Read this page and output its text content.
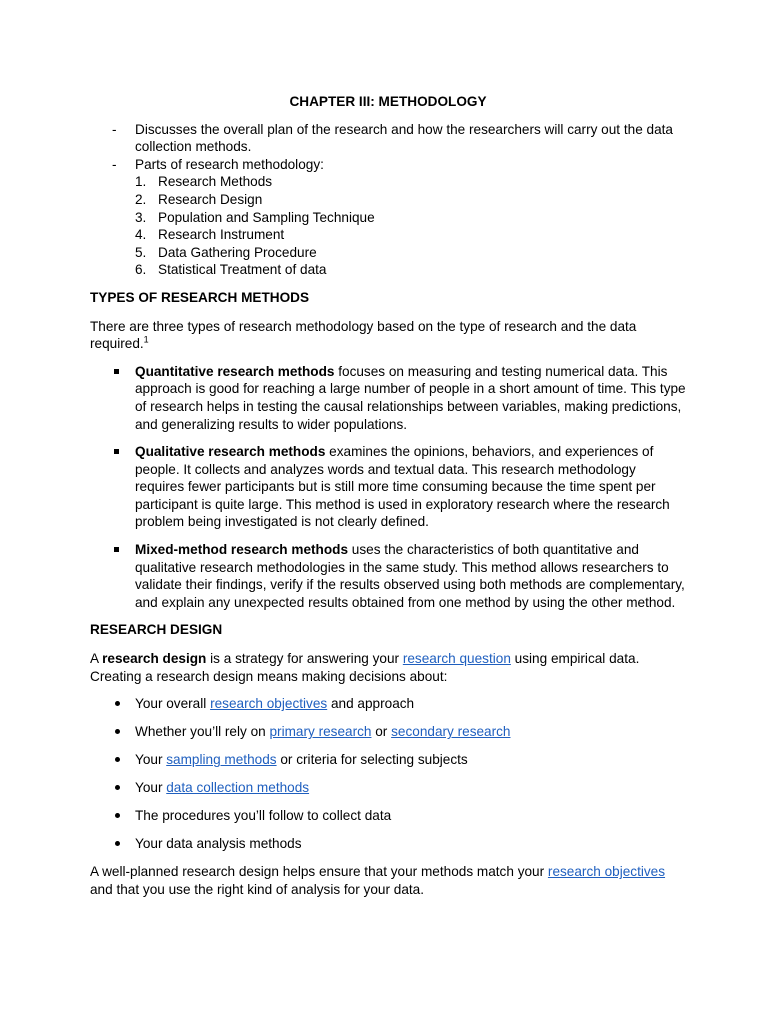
CHAPTER III: METHODOLOGY
- Discusses the overall plan of the research and how the researchers will carry out the data collection methods.
- Parts of research methodology:
1. Research Methods
2. Research Design
3. Population and Sampling Technique
4. Research Instrument
5. Data Gathering Procedure
6. Statistical Treatment of data
TYPES OF RESEARCH METHODS

There are three types of research methodology based on the type of research and the data required.$^1$

Quantitative research methods focuses on measuring and testing numerical data. This approach is good for reaching a large number of people in a short amount of time. This type of research helps in testing the causal relationships between variables, making predictions, and generalizing results to wider populations.
Qualitative research methods examines the opinions, behaviors, and experiences of people. It collects and analyzes words and textual data. This research methodology requires fewer participants but is still more time consuming because the time spent per participant is quite large. This method is used in exploratory research where the research problem being investigated is not clearly defined.
Mixed-method research methods uses the characteristics of both quantitative and qualitative research methodologies in the same study. This method allows researchers to validate their findings, verify if the results observed using both methods are complementary, and explain any unexpected results obtained from one method by using the other method.
RESEARCH DESIGN

A research design is a strategy for answering your research question using empirical data. Creating a research design means making decisions about:

Your overall research objectives and approach
Whether you’ll rely on primary research or secondary research
Your sampling methods or criteria for selecting subjects
Your data collection methods
The procedures you’ll follow to collect data
Your data analysis methods

A well-planned research design helps ensure that your methods match your research objectives and that you use the right kind of analysis for your data.
